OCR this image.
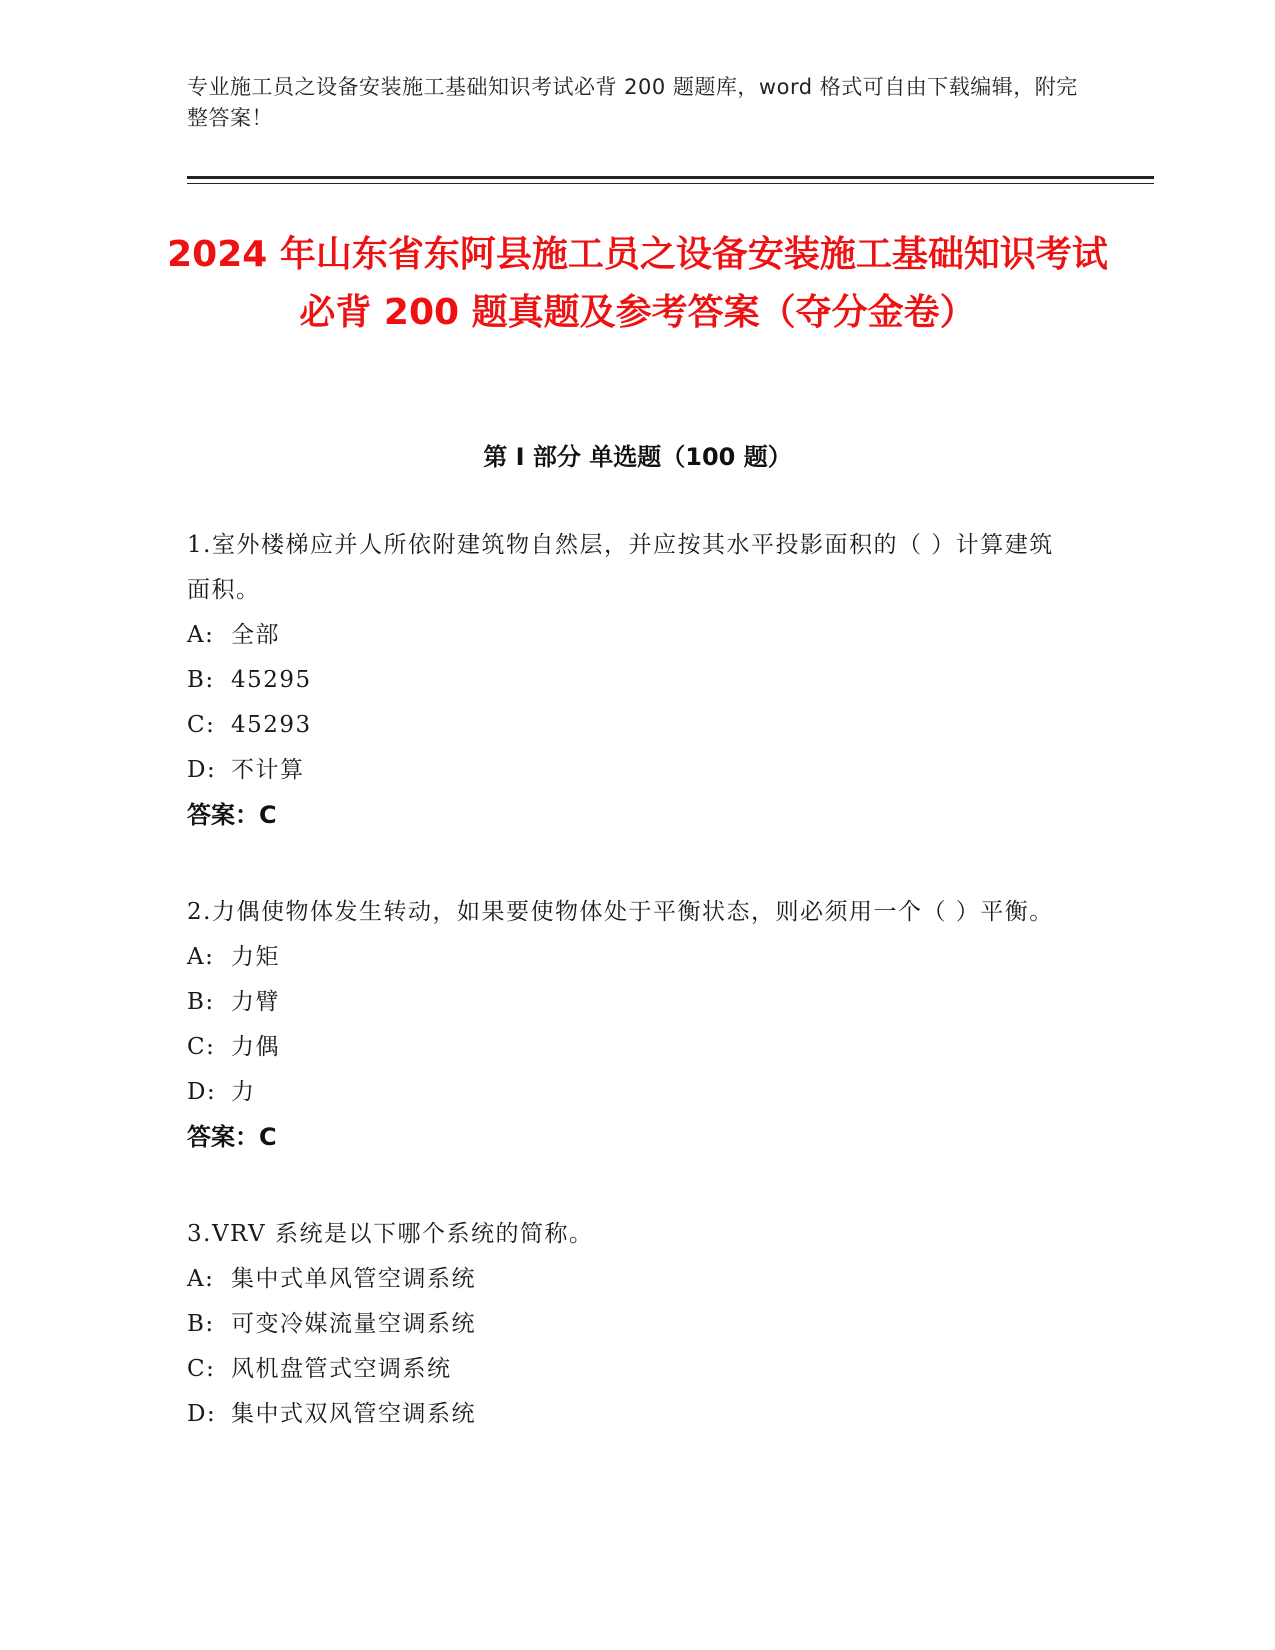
专业施工员之设备安装施工基础知识考试必背 200 题题库，word 格式可自由下载编辑，附完整答案！
2024 年山东省东阿县施工员之设备安装施工基础知识考试必背 200 题真题及参考答案（夺分金卷）
第 I 部分 单选题（100 题）
1.室外楼梯应并人所依附建筑物自然层，并应按其水平投影面积的（ ）计算建筑面积。
A: 全部
B: 45295
C: 45293
D: 不计算
答案：C
2.力偶使物体发生转动，如果要使物体处于平衡状态，则必须用一个（ ）平衡。
A: 力矩
B: 力臂
C: 力偶
D: 力
答案：C
3.VRV 系统是以下哪个系统的简称。
A: 集中式单风管空调系统
B: 可变冷媒流量空调系统
C: 风机盘管式空调系统
D: 集中式双风管空调系统
